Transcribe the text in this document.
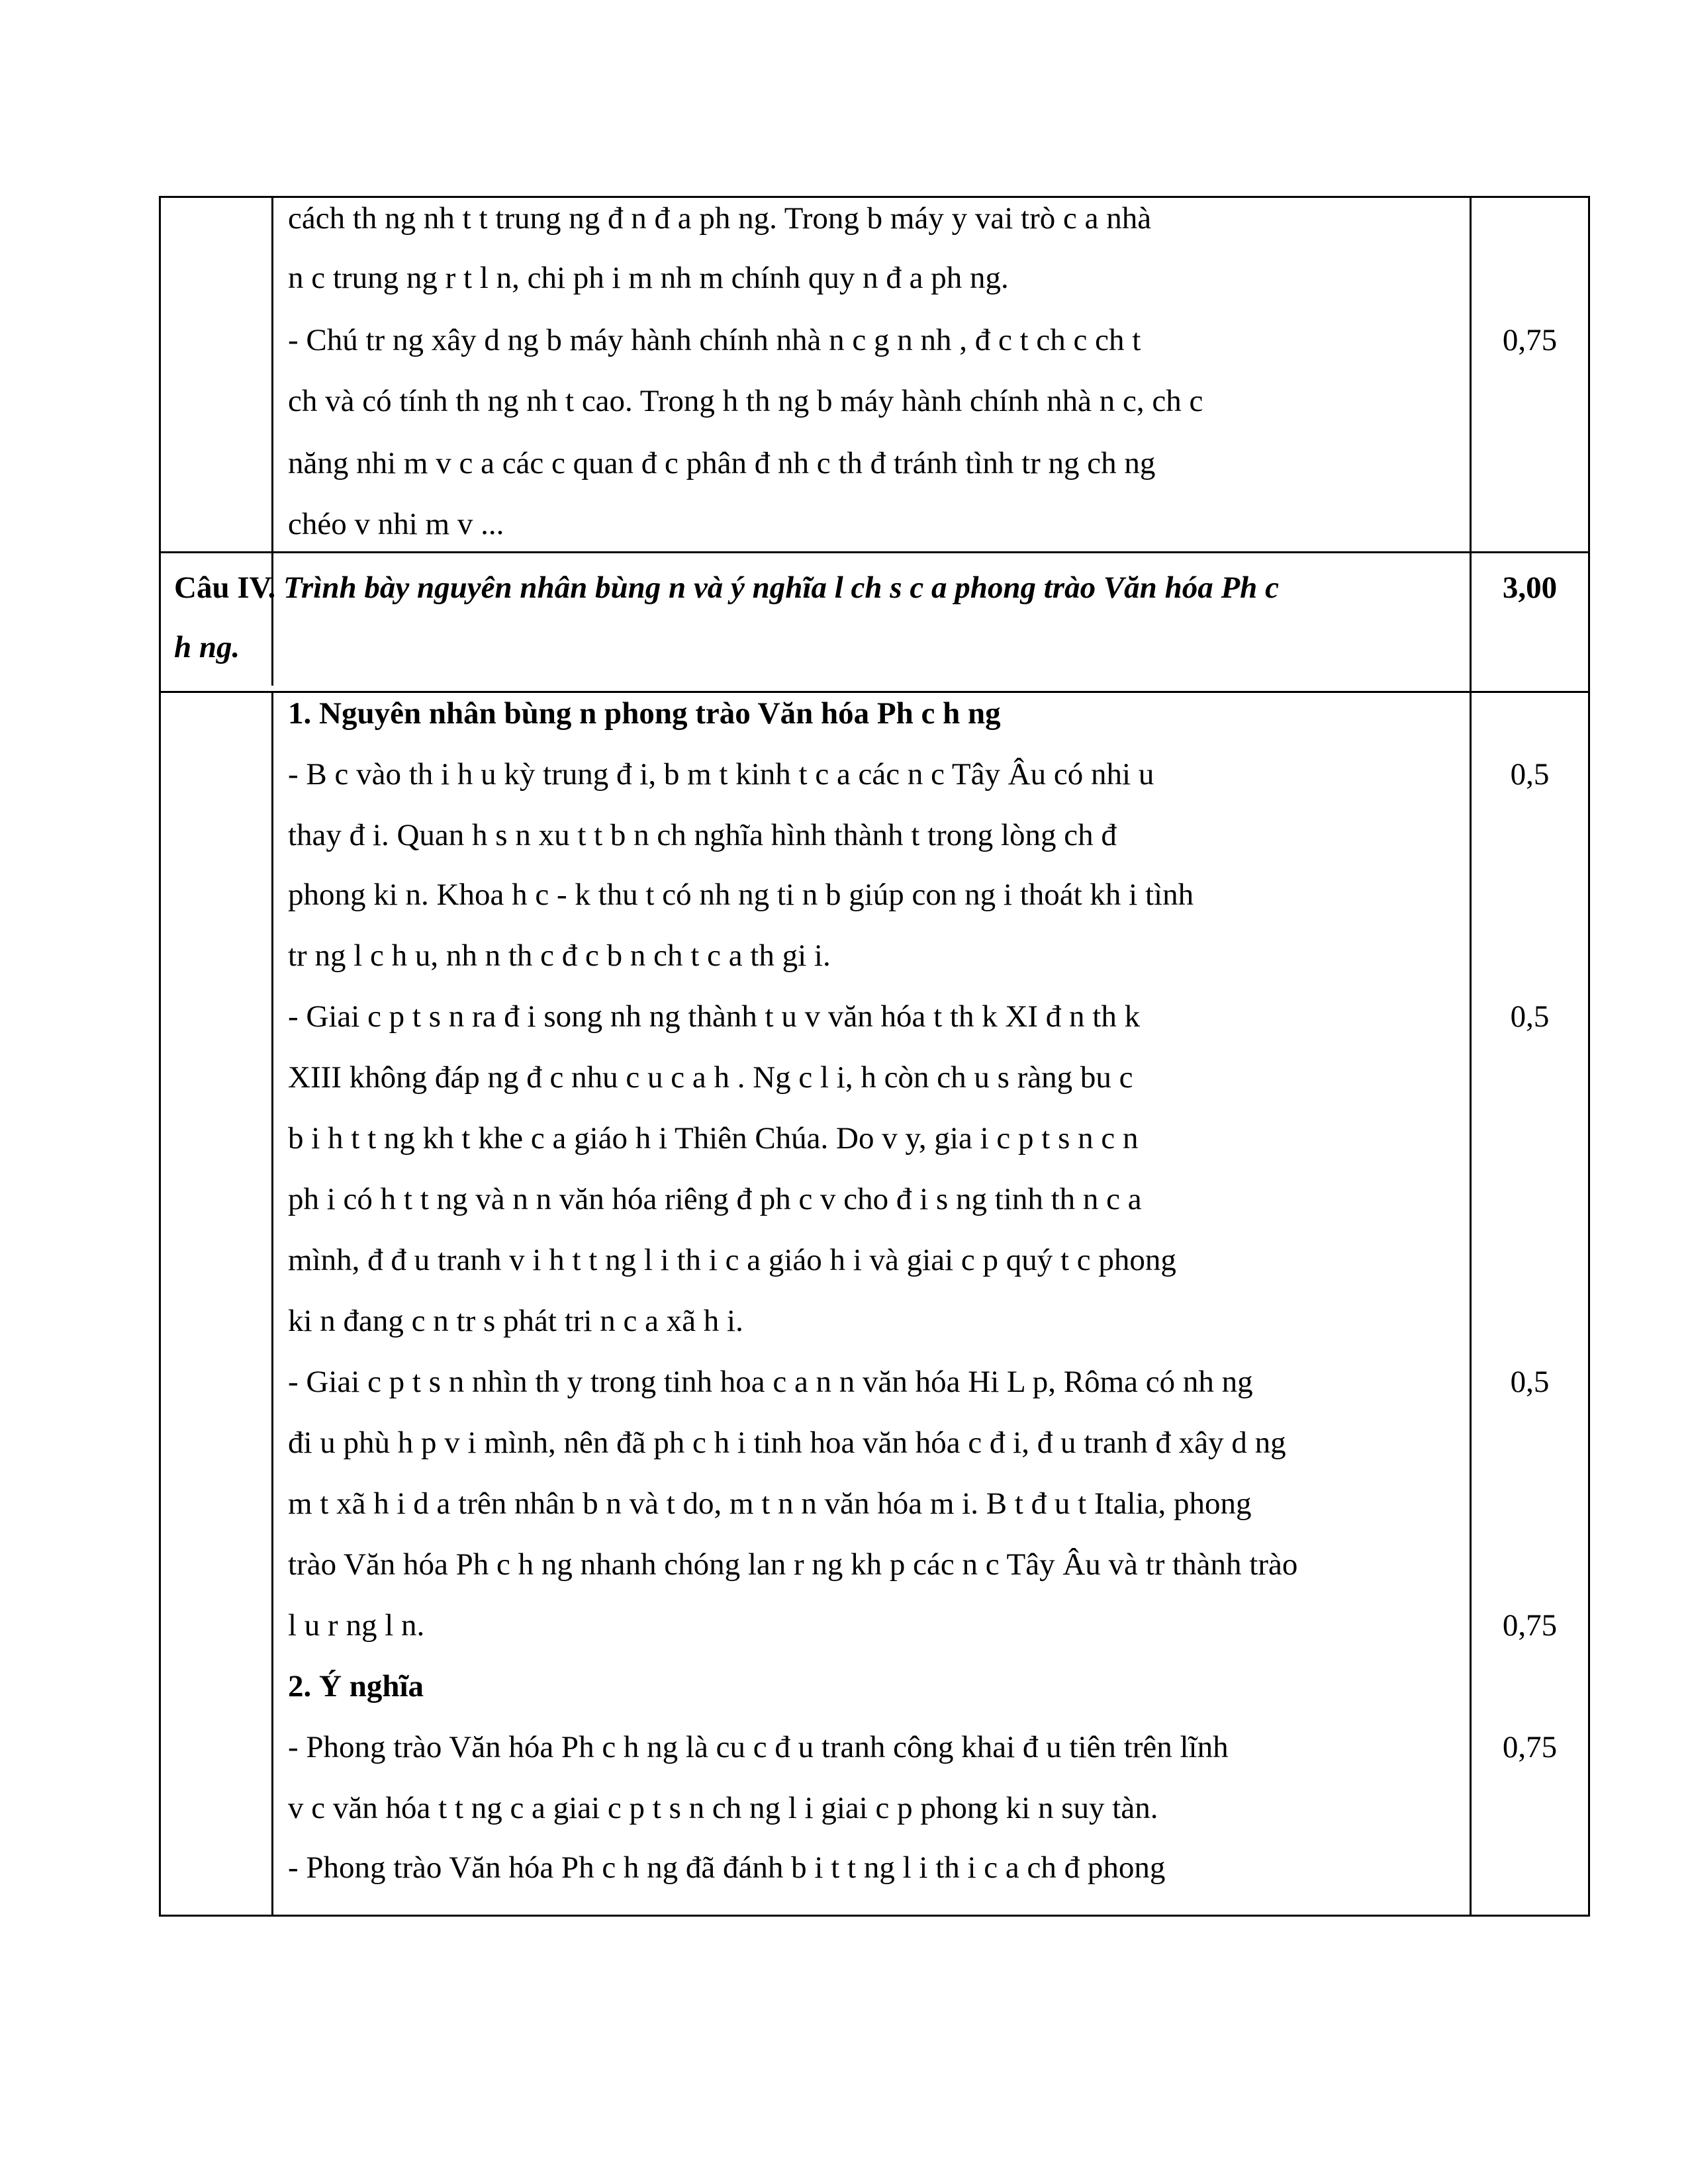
cách th ng nh t t trung ng đ n đ a ph ng. Trong b máy y vai trò c a nhà
n c trung ng r t l n, chi ph i m nh m chính quy n đ a ph ng.
- Chú tr ng xây d ng b máy hành chính nhà n c g n nh , đ c t ch c ch t
ch và có tính th ng nh t cao. Trong h th ng b máy hành chính nhà n c, ch c
năng nhi m v c a các c quan đ c phân đ nh c th đ tránh tình tr ng ch ng
chéo v nhi m v ...
0,75
Câu IV. Trình bày nguyên nhân bùng n và ý nghĩa l ch s c a phong trào Văn hóa Ph c
h ng.
3,00
1. Nguyên nhân bùng n phong trào Văn hóa Ph c h ng
- B c vào th i h u kỳ trung đ i, b m t kinh t c a các n c Tây Âu có nhi u
thay đ i. Quan h s n xu t t b n ch nghĩa hình thành t trong lòng ch đ
phong ki n. Khoa h c - k thu t có nh ng ti n b giúp con ng i thoát kh i tình
tr ng l c h u, nh n th c đ c b n ch t c a th gi i.
- Giai c p t s n ra đ i song nh ng thành t u v văn hóa t th k XI đ n th k
XIII không đáp ng đ c nhu c u c a h . Ng c l i, h còn ch u s ràng bu c
b i h t t ng kh t khe c a giáo h i Thiên Chúa. Do v y, gia i c p t s n c n
ph i có h t t ng và n n văn hóa riêng đ ph c v cho đ i s ng tinh th n c a
mình, đ đ u tranh v i h t t ng l i th i c a giáo h i và giai c p quý t c phong
ki n đang c n tr s phát tri n c a xã h i.
- Giai c p t s n nhìn th y trong tinh hoa c a n n văn hóa Hi L p, Rôma có nh ng
đi u phù h p v i mình, nên đã ph c h i tinh hoa văn hóa c đ i, đ u tranh đ xây d ng
m t xã h i d a trên nhân b n và t do, m t n n văn hóa m i. B t đ u t Italia, phong
trào Văn hóa Ph c h ng nhanh chóng lan r ng kh p các n c Tây Âu và tr thành trào
l u r ng l n.
2. Ý nghĩa
- Phong trào Văn hóa Ph c h ng là cu c đ u tranh công khai đ u tiên trên lĩnh
v c văn hóa t t ng c a giai c p t s n ch ng l i giai c p phong ki n suy tàn.
- Phong trào Văn hóa Ph c h ng đã đánh b i t t ng l i th i c a ch đ phong
0,5
0,5
0,5
0,75
0,75
